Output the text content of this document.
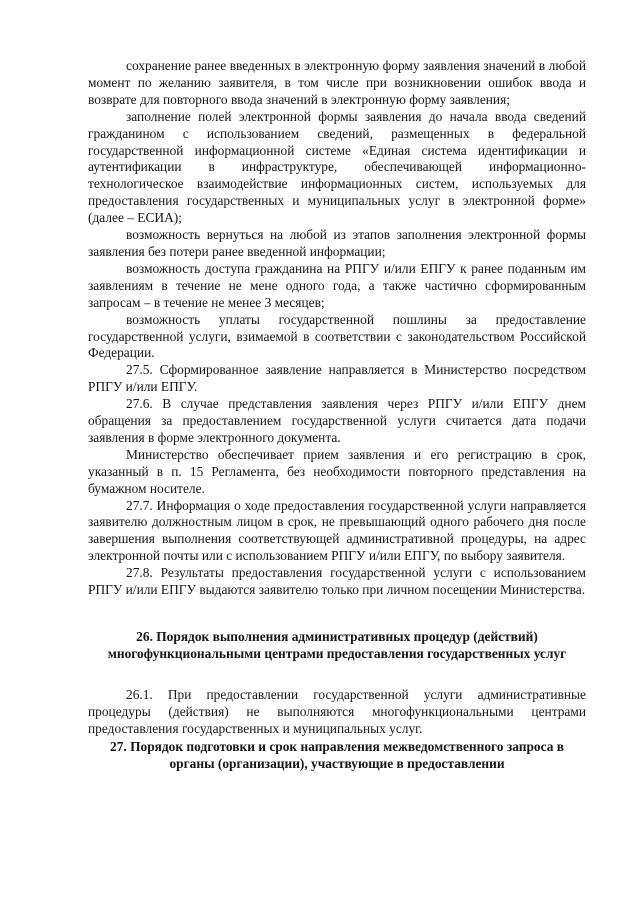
сохранение ранее введенных в электронную форму заявления значений в любой момент по желанию заявителя, в том числе при возникновении ошибок ввода и возврате для повторного ввода значений в электронную форму заявления;

заполнение полей электронной формы заявления до начала ввода сведений гражданином с использованием сведений, размещенных в федеральной государственной информационной системе «Единая система идентификации и аутентификации в инфраструктуре, обеспечивающей информационно-технологическое взаимодействие информационных систем, используемых для предоставления государственных и муниципальных услуг в электронной форме» (далее – ЕСИА);

возможность вернуться на любой из этапов заполнения электронной формы заявления без потери ранее введенной информации;

возможность доступа гражданина на РПГУ и/или ЕПГУ к ранее поданным им заявлениям в течение не мене одного года, а также частично сформированным запросам – в течение не менее 3 месяцев;

возможность уплаты государственной пошлины за предоставление государственной услуги, взимаемой в соответствии с законодательством Российской Федерации.

27.5. Сформированное заявление направляется в Министерство посредством РПГУ и/или ЕПГУ.

27.6. В случае представления заявления через РПГУ и/или ЕПГУ днем обращения за предоставлением государственной услуги считается дата подачи заявления в форме электронного документа.

Министерство обеспечивает прием заявления и его регистрацию в срок, указанный в п. 15 Регламента, без необходимости повторного представления на бумажном носителе.

27.7. Информация о ходе предоставления государственной услуги направляется заявителю должностным лицом в срок, не превышающий одного рабочего дня после завершения выполнения соответствующей административной процедуры, на адрес электронной почты или с использованием РПГУ и/или ЕПГУ, по выбору заявителя.

27.8. Результаты предоставления государственной услуги с использованием РПГУ и/или ЕПГУ выдаются заявителю только при личном посещении Министерства.

26. Порядок выполнения административных процедур (действий) многофункциональными центрами предоставления государственных услуг

26.1. При предоставлении государственной услуги административные процедуры (действия) не выполняются многофункциональными центрами предоставления государственных и муниципальных услуг.

27. Порядок подготовки и срок направления межведомственного запроса в органы (организации), участвующие в предоставлении
